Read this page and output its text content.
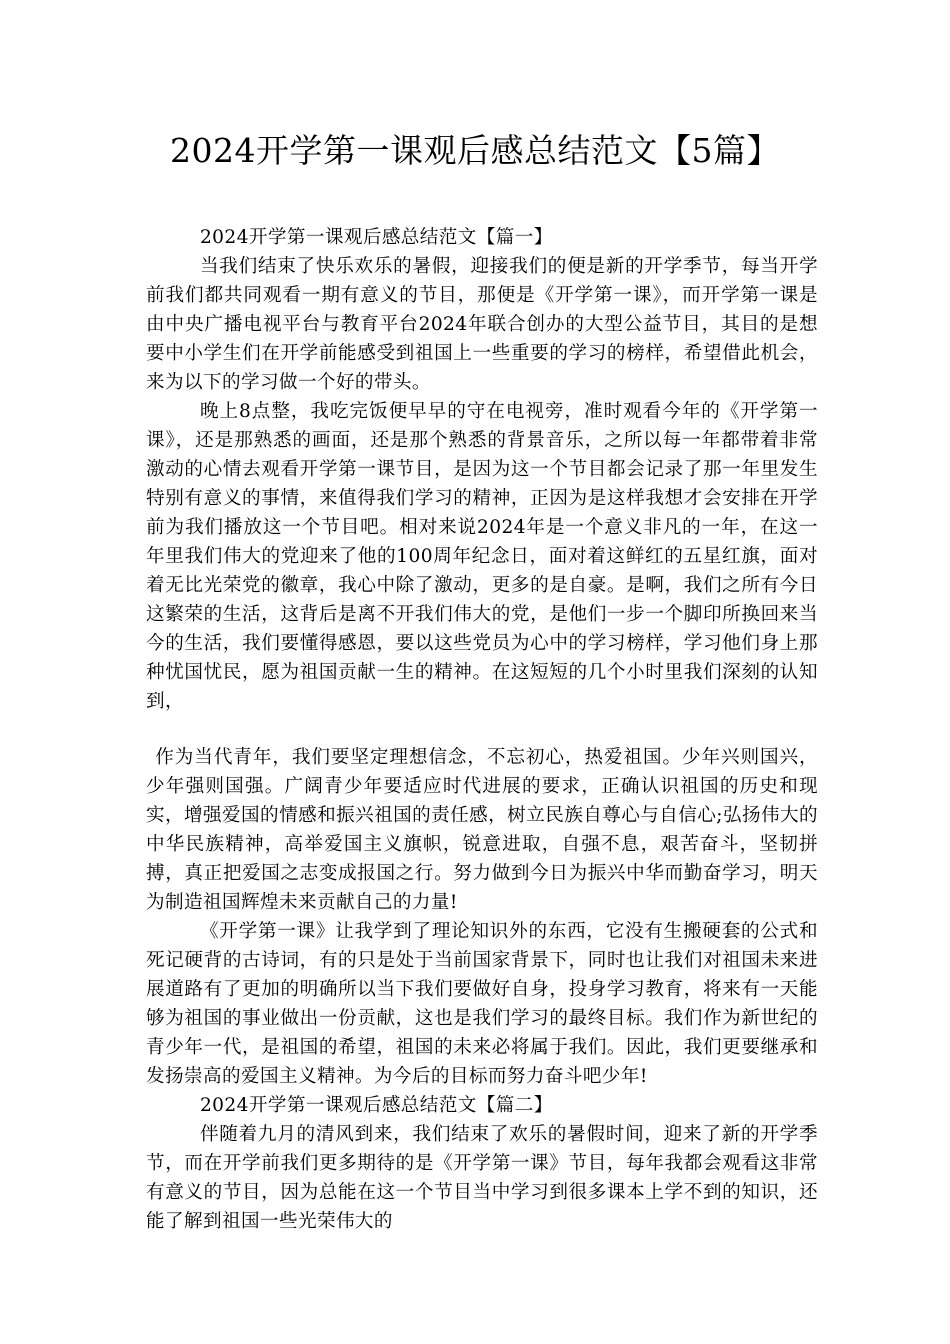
2024开学第一课观后感总结范文【5篇】

2024开学第一课观后感总结范文【篇一】

当我们结束了快乐欢乐的暑假，迎接我们的便是新的开学季节，每当开学前我们都共同观看一期有意义的节目，那便是《开学第一课》，而开学第一课是由中央广播电视平台与教育平台2024年联合创办的大型公益节目，其目的是想要中小学生们在开学前能感受到祖国上一些重要的学习的榜样，希望借此机会，来为以下的学习做一个好的带头。

晚上8点整，我吃完饭便早早的守在电视旁，准时观看今年的《开学第一课》，还是那熟悉的画面，还是那个熟悉的背景音乐，之所以每一年都带着非常激动的心情去观看开学第一课节目，是因为这一个节目都会记录了那一年里发生特别有意义的事情，来值得我们学习的精神，正因为是这样我想才会安排在开学前为我们播放这一个节目吧。相对来说2024年是一个意义非凡的一年，在这一年里我们伟大的党迎来了他的100周年纪念日，面对着这鲜红的五星红旗，面对着无比光荣党的徽章，我心中除了激动，更多的是自豪。是啊，我们之所有今日这繁荣的生活，这背后是离不开我们伟大的党，是他们一步一个脚印所换回来当今的生活，我们要懂得感恩，要以这些党员为心中的学习榜样，学习他们身上那种忧国忧民，愿为祖国贡献一生的精神。在这短短的几个小时里我们深刻的认知到，

作为当代青年，我们要坚定理想信念，不忘初心，热爱祖国。少年兴则国兴，少年强则国强。广阔青少年要适应时代进展的要求，正确认识祖国的历史和现实，增强爱国的情感和振兴祖国的责任感，树立民族自尊心与自信心;弘扬伟大的中华民族精神，高举爱国主义旗帜，锐意进取，自强不息，艰苦奋斗，坚韧拼搏，真正把爱国之志变成报国之行。努力做到今日为振兴中华而勤奋学习，明天为制造祖国辉煌未来贡献自己的力量!

《开学第一课》让我学到了理论知识外的东西，它没有生搬硬套的公式和死记硬背的古诗词，有的只是处于当前国家背景下，同时也让我们对祖国未来进展道路有了更加的明确所以当下我们要做好自身，投身学习教育，将来有一天能够为祖国的事业做出一份贡献，这也是我们学习的最终目标。我们作为新世纪的青少年一代，是祖国的希望，祖国的未来必将属于我们。因此，我们更要继承和发扬崇高的爱国主义精神。为今后的目标而努力奋斗吧少年!

2024开学第一课观后感总结范文【篇二】

伴随着九月的清风到来，我们结束了欢乐的暑假时间，迎来了新的开学季节，而在开学前我们更多期待的是《开学第一课》节目，每年我都会观看这非常有意义的节目，因为总能在这一个节目当中学习到很多课本上学不到的知识，还能了解到祖国一些光荣伟大的
